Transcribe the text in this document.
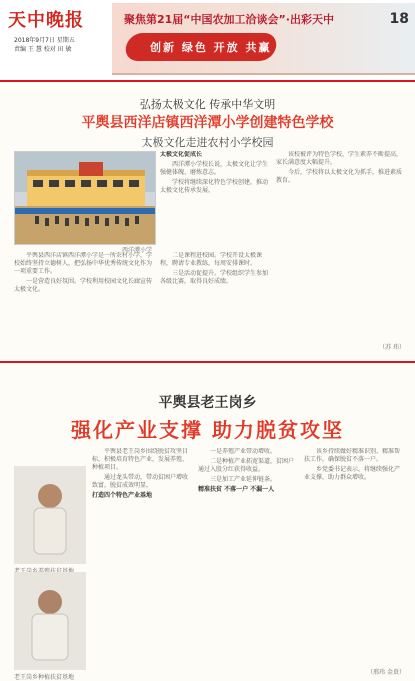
天中晚报
2018年9月7日 星期五
责编 王 慧 校对 田 敏
聚焦第21届“中国农加工洽谈会”·出彩天中
创新 绿色 开放 共赢
18
弘扬太极文化 传承中华文明
平舆县西洋店镇西洋潭小学创建特色学校
太极文化走进农村小学校园
西洋潭小学

平舆县西洋店镇西洋潭小学是一所农村小学，学校始终坚持立德树人，把弘扬中华优秀传统文化作为一项重要工作。

一是营造良好氛围。学校利用校园文化长廊宣传太极文化。

二是课程进校园。学校开设太极课程，聘请专业教练，每周安排课时。

三是活动促提升。学校组织学生参加各级比赛，取得良好成绩。

太极文化促成长

西洋潭小学校长说，太极文化让学生强健体魄、磨炼意志。

学校将继续深化特色学校创建，推动太极文化传承发展。

该校被评为特色学校，学生素养不断提高，家长满意度大幅提升。

今后，学校将以太极文化为抓手，推进素质教育。

（苏 玮）
平舆县老王岗乡
强化产业支撑 助力脱贫攻坚
老王岗乡种植扶贫基地

平舆县老王岗乡围绕脱贫攻坚目标，积极培育特色产业，发展养殖、种植项目。

通过龙头带动，带动贫困户增收致富，脱贫成效明显。

打造四个特色产业基地

一是养殖产业带动增收。

二是种植产业拓宽渠道，贫困户通过入股分红获得收益。

三是加工产业延伸链条。

精准扶贫 不落一户 不漏一人

该乡持续做好精准识别、精准帮扶工作，确保脱贫不落一户。

乡党委书记表示，将继续强化产业支撑，助力群众增收。

（邢玮 金贵）
